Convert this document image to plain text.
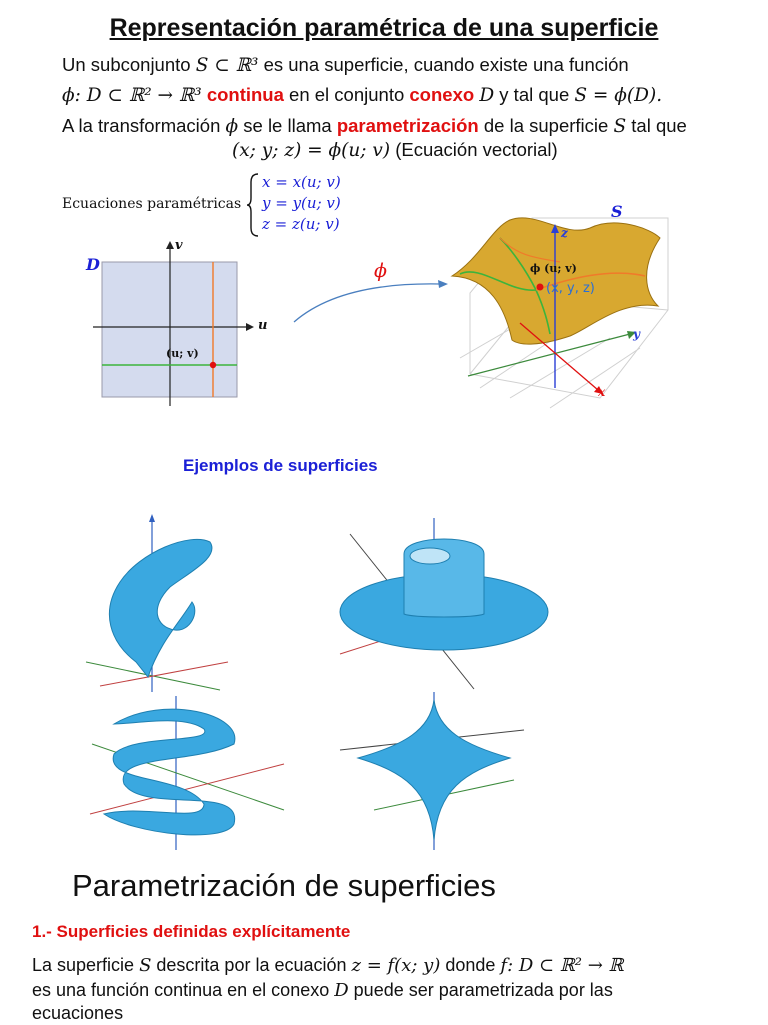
Representación paramétrica de una superficie
Un subconjunto S ⊂ ℝ³ es una superficie, cuando existe una función
ϕ: D ⊂ ℝ² → ℝ³ continua en el conjunto conexo D y tal que S = ϕ(D).
A la transformación ϕ se le llama parametrización de la superficie S tal que
(x; y; z) = ϕ(u; v) (Ecuación vectorial)
Ecuaciones paramétricas
x = x(u; v)
y = y(u; v)
z = z(u; v)
D
v
u
(u; v)
ϕ
S
z
y
x
ϕ (u; v)
(x, y, z)
Ejemplos de superficies
Parametrización de superficies
1.- Superficies definidas explícitamente
La superficie S descrita por la ecuación z = f(x; y) donde f: D ⊂ ℝ² → ℝ
es una función continua en el conexo D puede ser parametrizada por las
ecuaciones
